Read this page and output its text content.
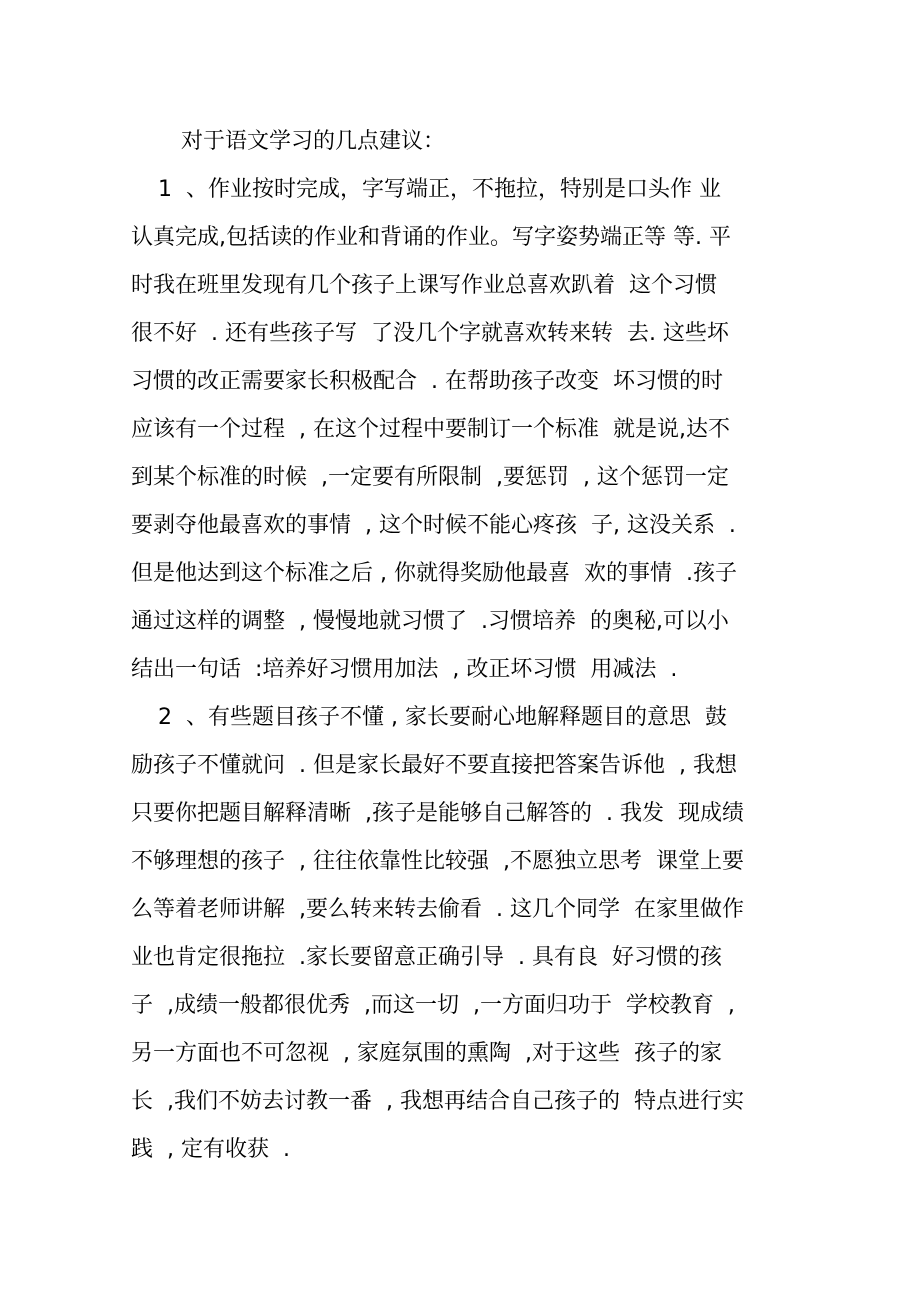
对于语文学习的几点建议：
1  、作业按时完成，字写端正，不拖拉，特别是口头作 业
认真完成,包括读的作业和背诵的作业。写字姿势端正等 等. 平
时我在班里发现有几个孩子上课写作业总喜欢趴着  这个习惯
很不好  . 还有些孩子写  了没几个字就喜欢转来转  去. 这些坏
习惯的改正需要家长积极配合  . 在帮助孩子改变  坏习惯的时
应该有一个过程  , 在这个过程中要制订一个标准  就是说,达不
到某个标准的时候  ,一定要有所限制  ,要惩罚  , 这个惩罚一定
要剥夺他最喜欢的事情  , 这个时候不能心疼孩  子, 这没关系  .
但是他达到这个标准之后 , 你就得奖励他最喜  欢的事情  .孩子
通过这样的调整  , 慢慢地就习惯了  .习惯培养  的奥秘,可以小
结出一句话  :培养好习惯用加法  , 改正坏习惯  用减法  .
2  、有些题目孩子不懂 , 家长要耐心地解释题目的意思  鼓
励孩子不懂就问  . 但是家长最好不要直接把答案告诉他  , 我想
只要你把题目解释清晰  ,孩子是能够自己解答的  . 我发  现成绩
不够理想的孩子  , 往往依靠性比较强  ,不愿独立思考  课堂上要
么等着老师讲解  ,要么转来转去偷看  . 这几个同学  在家里做作
业也肯定很拖拉  .家长要留意正确引导  . 具有良  好习惯的孩
子  ,成绩一般都很优秀  ,而这一切  ,一方面归功于  学校教育  ,
另一方面也不可忽视  , 家庭氛围的熏陶  ,对于这些  孩子的家
长  ,我们不妨去讨教一番  , 我想再结合自己孩子的  特点进行实
践  , 定有收获  .
